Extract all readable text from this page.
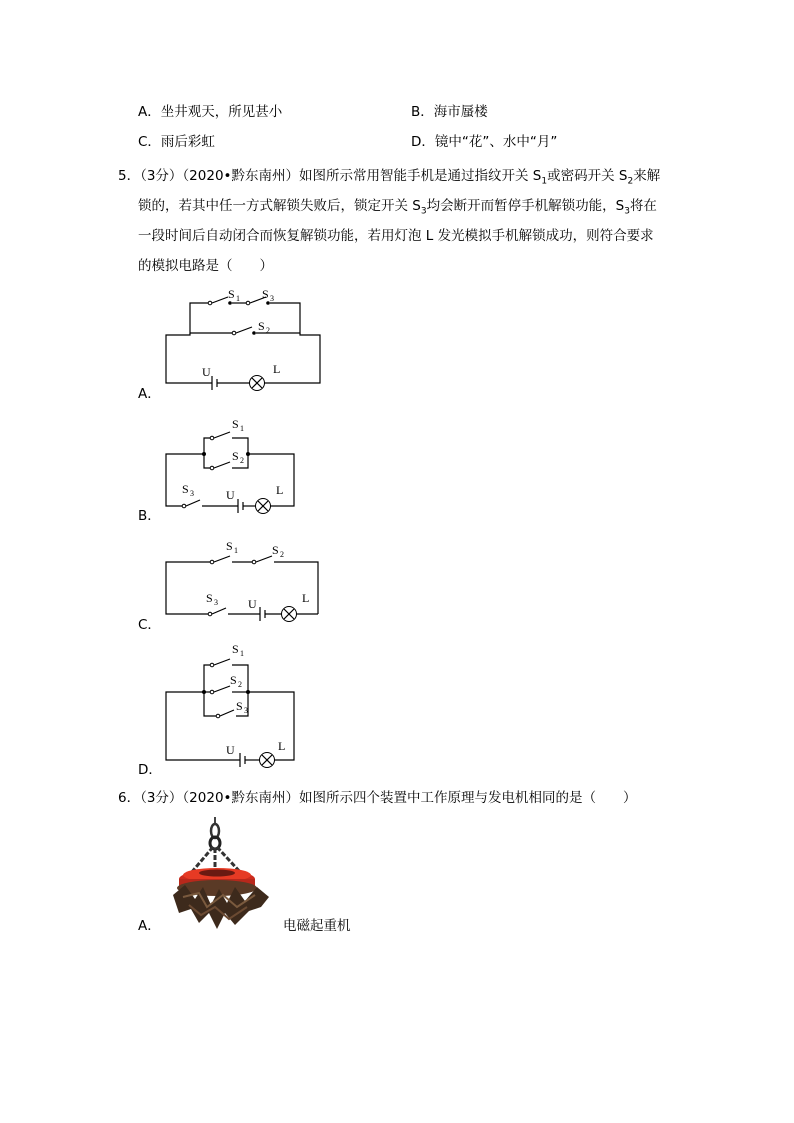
A．坐井观天，所见甚小	B．海市蜃楼
C．雨后彩虹	D．镜中“花”、水中“月”
5．（3分）（2020•黔东南州）如图所示常用智能手机是通过指纹开关 $S_1$或密码开关 $S_2$来解
锁的，若其中任一方式解锁失败后，锁定开关 $S_3$均会断开而暂停手机解锁功能，$S_3$将在
一段时间后自动闭合而恢复解锁功能，若用灯泡 L 发光模拟手机解锁成功，则符合要求
的模拟电路是（　　）
A．
S 1 S 3
S 2
U	L
B．
S 1
S 2
S 3	U	L
C．
S 1	S 2
S 3	U	L
D．
S 1
S 2
S 3
U	L
6．（3分）（2020•黔东南州）如图所示四个装置中工作原理与发电机相同的是（　　）
A．	电磁起重机
